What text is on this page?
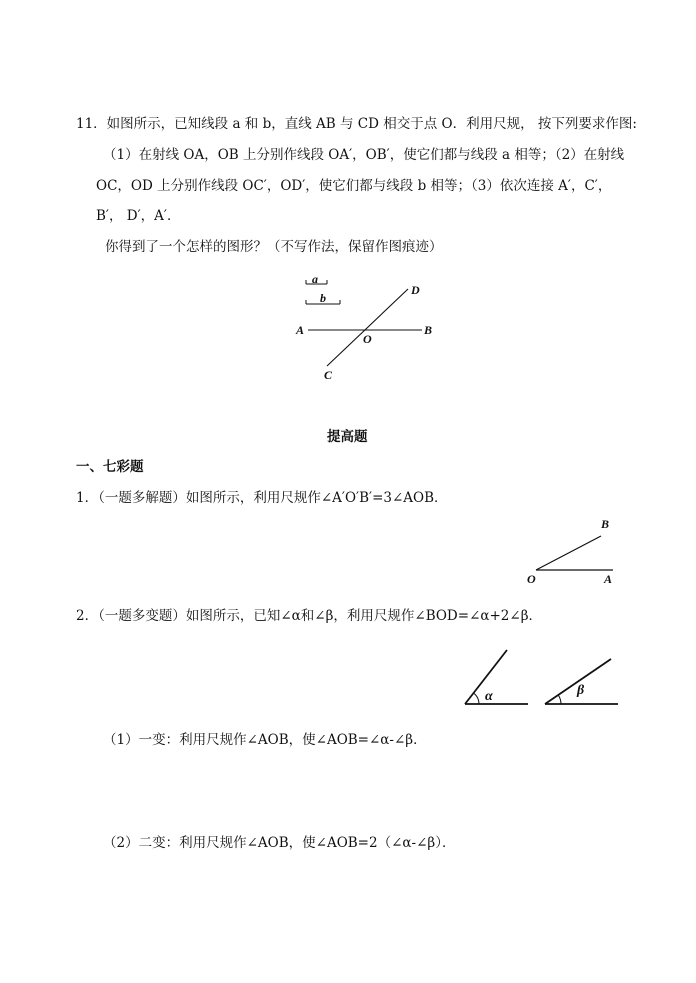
11．如图所示，已知线段 a 和 b，直线 AB 与 CD 相交于点 O．利用尺规， 按下列要求作图:
（1）在射线 OA，OB 上分别作线段 OA′，OB′，使它们都与线段 a 相等；（2）在射线
OC，OD 上分别作线段 OC′，OD′，使它们都与线段 b 相等；（3）依次连接 A′，C′，
B′， D′，A′．
你得到了一个怎样的图形？（不写作法，保留作图痕迹）
a
b
A	B
D
C
O
提高题
一、七彩题
1．（一题多解题）如图所示，利用尺规作∠A′O′B′=3∠AOB．
O	A
B
2．（一题多变题）如图所示，已知∠α和∠β，利用尺规作∠BOD=∠α+2∠β．
α	β
（1）一变：利用尺规作∠AOB，使∠AOB=∠α-∠β．
（2）二变：利用尺规作∠AOB，使∠AOB=2（∠α-∠β）．
